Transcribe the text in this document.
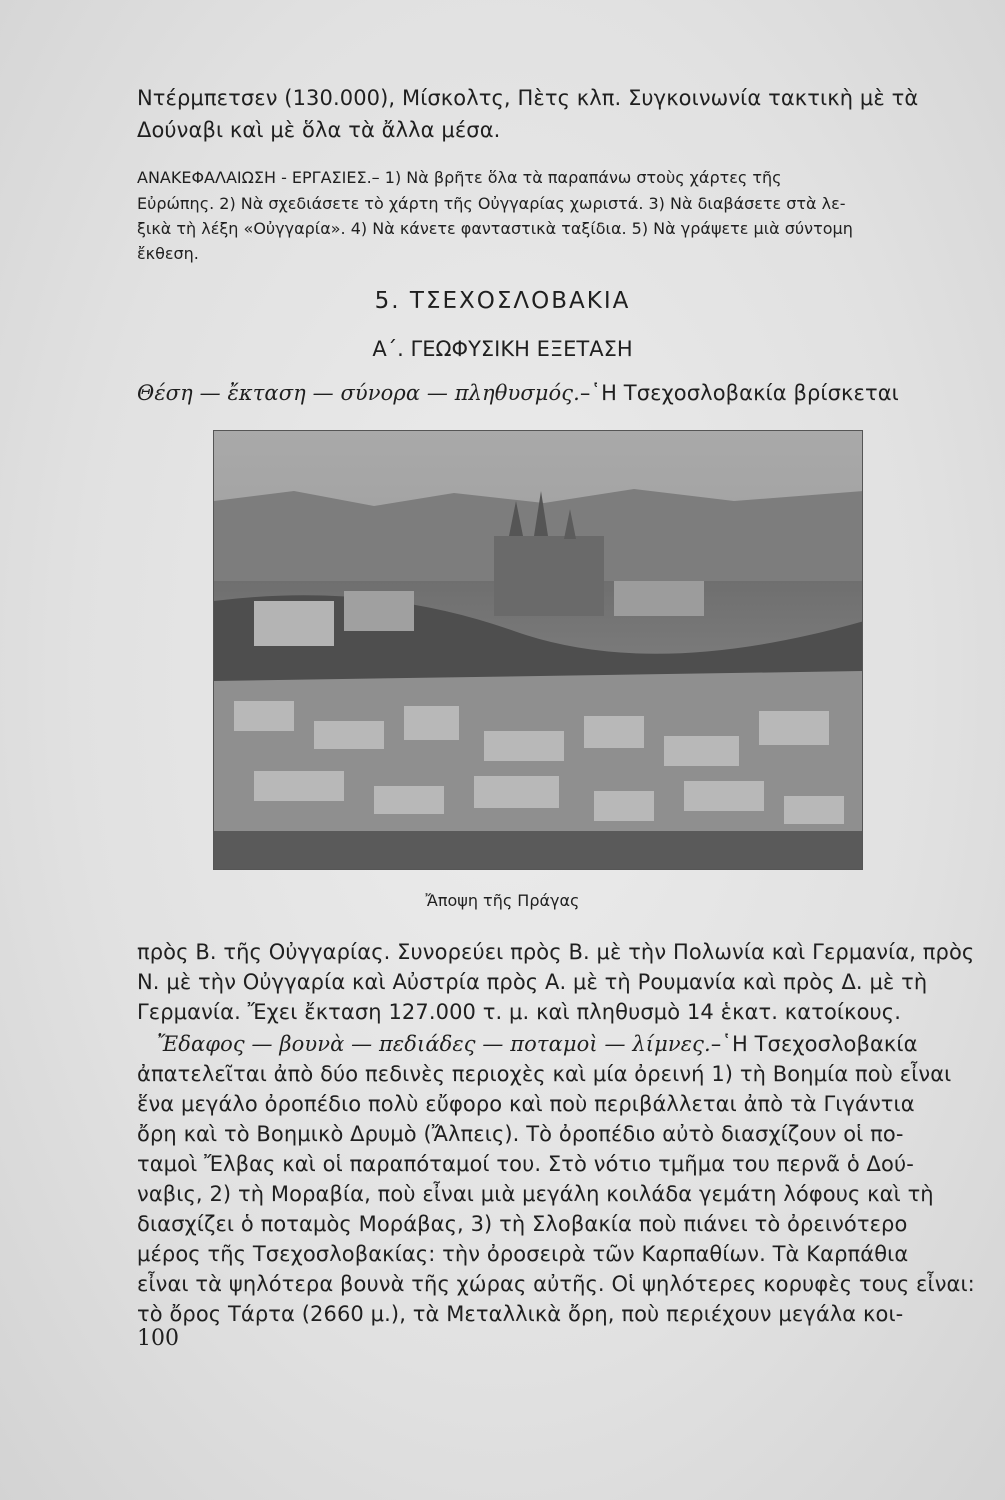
Ντέρμπετσεν (130.000), Μίσκολτς, Πὲτς κλπ. Συγκοινωνία τακτικὴ μὲ τὰ
Δούναβι καὶ μὲ ὅλα τὰ ἄλλα μέσα.
ΑΝΑΚΕΦΑΛΑΙΩΣΗ - ΕΡΓΑΣΙΕΣ.– 1) Νὰ βρῆτε ὅλα τὰ παραπάνω στοὺς χάρτες τῆς
Εὐρώπης. 2) Νὰ σχεδιάσετε τὸ χάρτη τῆς Οὐγγαρίας χωριστά. 3) Νὰ διαβάσετε στὰ λε-
ξικὰ τὴ λέξη «Οὐγγαρία». 4) Νὰ κάνετε φανταστικὰ ταξίδια. 5) Νὰ γράψετε μιὰ σύντομη
ἔκθεση.
5. ΤΣΕΧΟΣΛΟΒΑΚΙΑ
Α΄. ΓΕΩΦΥΣΙΚΗ ΕΞΕΤΑΣΗ
Θέση — ἔκταση — σύνορα — πληθυσμός.–῾Η Τσεχοσλοβακία βρίσκεται
Ἄποψη τῆς Πράγας
πρὸς Β. τῆς Οὐγγαρίας. Συνορεύει πρὸς Β. μὲ τὴν Πολωνία καὶ Γερμανία, πρὸς
Ν. μὲ τὴν Οὐγγαρία καὶ Αὐστρία πρὸς Α. μὲ τὴ Ρουμανία καὶ πρὸς Δ. μὲ τὴ
Γερμανία. Ἔχει ἔκταση 127.000 τ. μ. καὶ πληθυσμὸ 14 ἑκατ. κατοίκους.
Ἔδαφος — βουνὰ — πεδιάδες — ποταμοὶ — λίμνες.–῾Η Τσεχοσλοβακία
ἀπατελεῖται ἀπὸ δύο πεδινὲς περιοχὲς καὶ μία ὀρεινή 1) τὴ Βοημία ποὺ εἶναι
ἕνα μεγάλο ὀροπέδιο πολὺ εὔφορο καὶ ποὺ περιβάλλεται ἀπὸ τὰ Γιγάντια
ὄρη καὶ τὸ Βοημικὸ Δρυμὸ (Ἄλπεις). Τὸ ὀροπέδιο αὐτὸ διασχίζουν οἱ πο-
ταμοὶ Ἔλβας καὶ οἱ παραπόταμοί του. Στὸ νότιο τμῆμα του περνᾶ ὁ Δού-
ναβις, 2) τὴ Μοραβία, ποὺ εἶναι μιὰ μεγάλη κοιλάδα γεμάτη λόφους καὶ τὴ
διασχίζει ὁ ποταμὸς Μοράβας, 3) τὴ Σλοβακία ποὺ πιάνει τὸ ὀρεινότερο
μέρος τῆς Τσεχοσλοβακίας: τὴν ὀροσειρὰ τῶν Καρπαθίων. Τὰ Καρπάθια
εἶναι τὰ ψηλότερα βουνὰ τῆς χώρας αὐτῆς. Οἱ ψηλότερες κορυφὲς τους εἶναι:
τὸ ὄρος Τάρτα (2660 μ.), τὰ Μεταλλικὰ ὄρη, ποὺ περιέχουν μεγάλα κοι-
100
